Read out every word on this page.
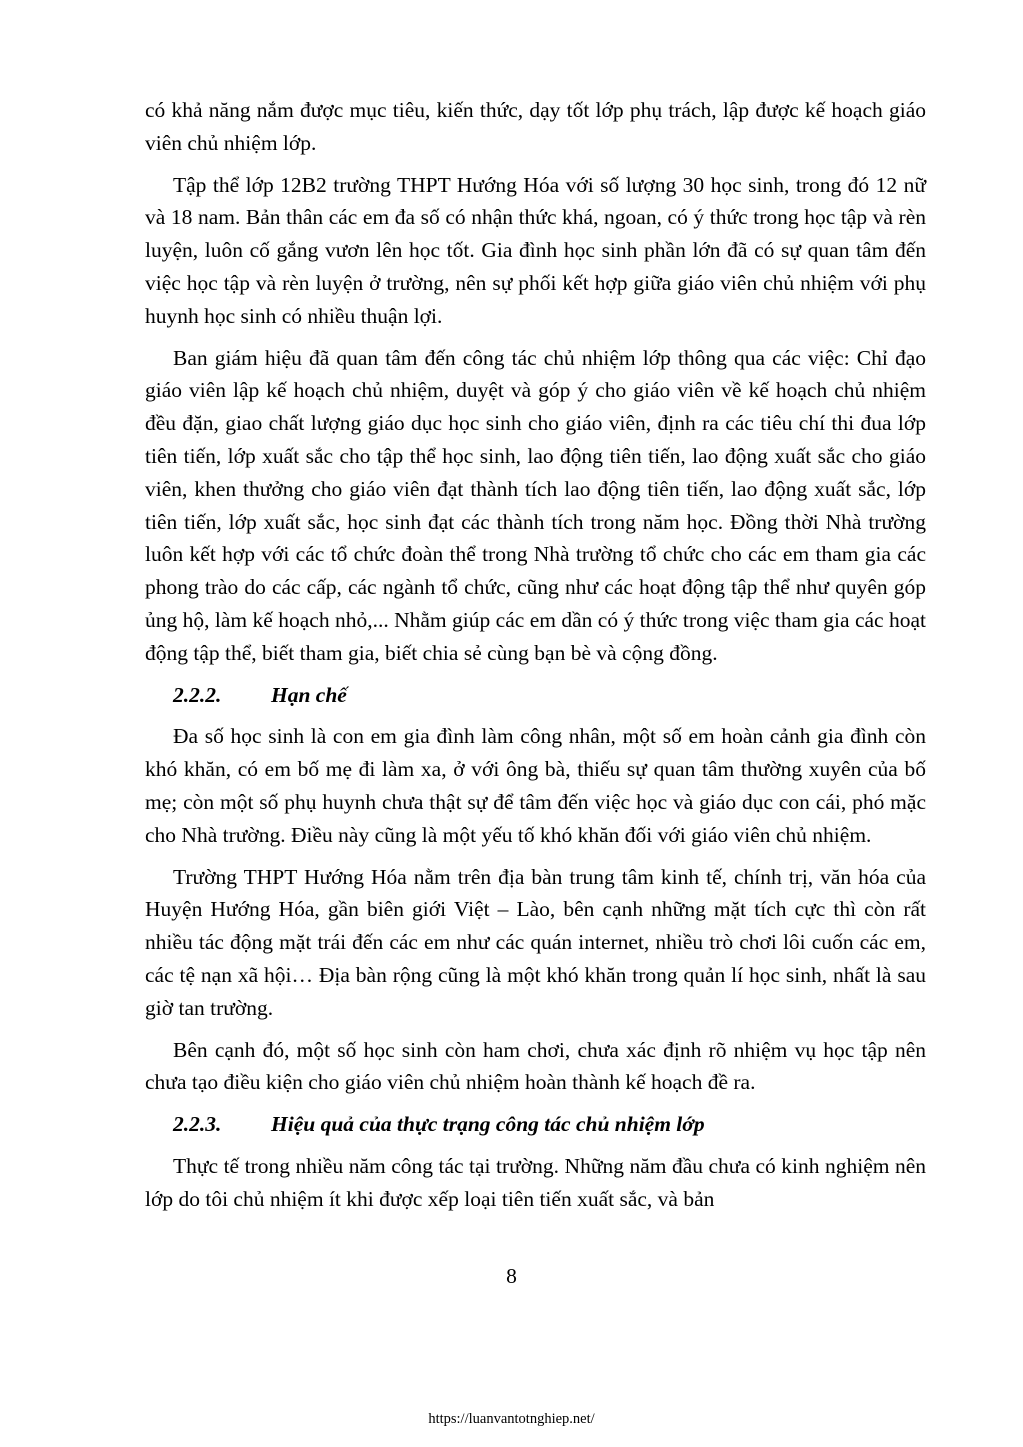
có khả năng nắm được mục tiêu, kiến thức, dạy tốt lớp phụ trách, lập được kế hoạch giáo viên chủ nhiệm lớp.

Tập thể lớp 12B2 trường THPT Hướng Hóa với số lượng 30 học sinh, trong đó 12 nữ và 18 nam. Bản thân các em đa số có nhận thức khá, ngoan, có ý thức trong học tập và rèn luyện, luôn cố gắng vươn lên học tốt. Gia đình học sinh phần lớn đã có sự quan tâm đến việc học tập và rèn luyện ở trường, nên sự phối kết hợp giữa giáo viên chủ nhiệm với phụ huynh học sinh có nhiều thuận lợi.

Ban giám hiệu đã quan tâm đến công tác chủ nhiệm lớp thông qua các việc: Chỉ đạo giáo viên lập kế hoạch chủ nhiệm, duyệt và góp ý cho giáo viên về kế hoạch chủ nhiệm đều đặn, giao chất lượng giáo dục học sinh cho giáo viên, định ra các tiêu chí thi đua lớp tiên tiến, lớp xuất sắc cho tập thể học sinh, lao động tiên tiến, lao động xuất sắc cho giáo viên, khen thưởng cho giáo viên đạt thành tích lao động tiên tiến, lao động xuất sắc, lớp tiên tiến, lớp xuất sắc, học sinh đạt các thành tích trong năm học. Đồng thời Nhà trường luôn kết hợp với các tổ chức đoàn thể trong Nhà trường tổ chức cho các em tham gia các phong trào do các cấp, các ngành tổ chức, cũng như các hoạt động tập thể như quyên góp ủng hộ, làm kế hoạch nhỏ,... Nhằm giúp các em dần có ý thức trong việc tham gia các hoạt động tập thể, biết tham gia, biết chia sẻ cùng bạn bè và cộng đồng.

2.2.2. Hạn chế

Đa số học sinh là con em gia đình làm công nhân, một số em hoàn cảnh gia đình còn khó khăn, có em bố mẹ đi làm xa, ở với ông bà, thiếu sự quan tâm thường xuyên của bố mẹ; còn một số phụ huynh chưa thật sự để tâm đến việc học và giáo dục con cái, phó mặc cho Nhà trường. Điều này cũng là một yếu tố khó khăn đối với giáo viên chủ nhiệm.

Trường THPT Hướng Hóa nằm trên địa bàn trung tâm kinh tế, chính trị, văn hóa của Huyện Hướng Hóa, gần biên giới Việt – Lào, bên cạnh những mặt tích cực thì còn rất nhiều tác động mặt trái đến các em như các quán internet, nhiều trò chơi lôi cuốn các em, các tệ nạn xã hội… Địa bàn rộng cũng là một khó khăn trong quản lí học sinh, nhất là sau giờ tan trường.

Bên cạnh đó, một số học sinh còn ham chơi, chưa xác định rõ nhiệm vụ học tập nên chưa tạo điều kiện cho giáo viên chủ nhiệm hoàn thành kế hoạch đề ra.

2.2.3. Hiệu quả của thực trạng công tác chủ nhiệm lớp

Thực tế trong nhiều năm công tác tại trường. Những năm đầu chưa có kinh nghiệm nên lớp do tôi chủ nhiệm ít khi được xếp loại tiên tiến xuất sắc, và bản

8
https://luanvantotnghiep.net/
